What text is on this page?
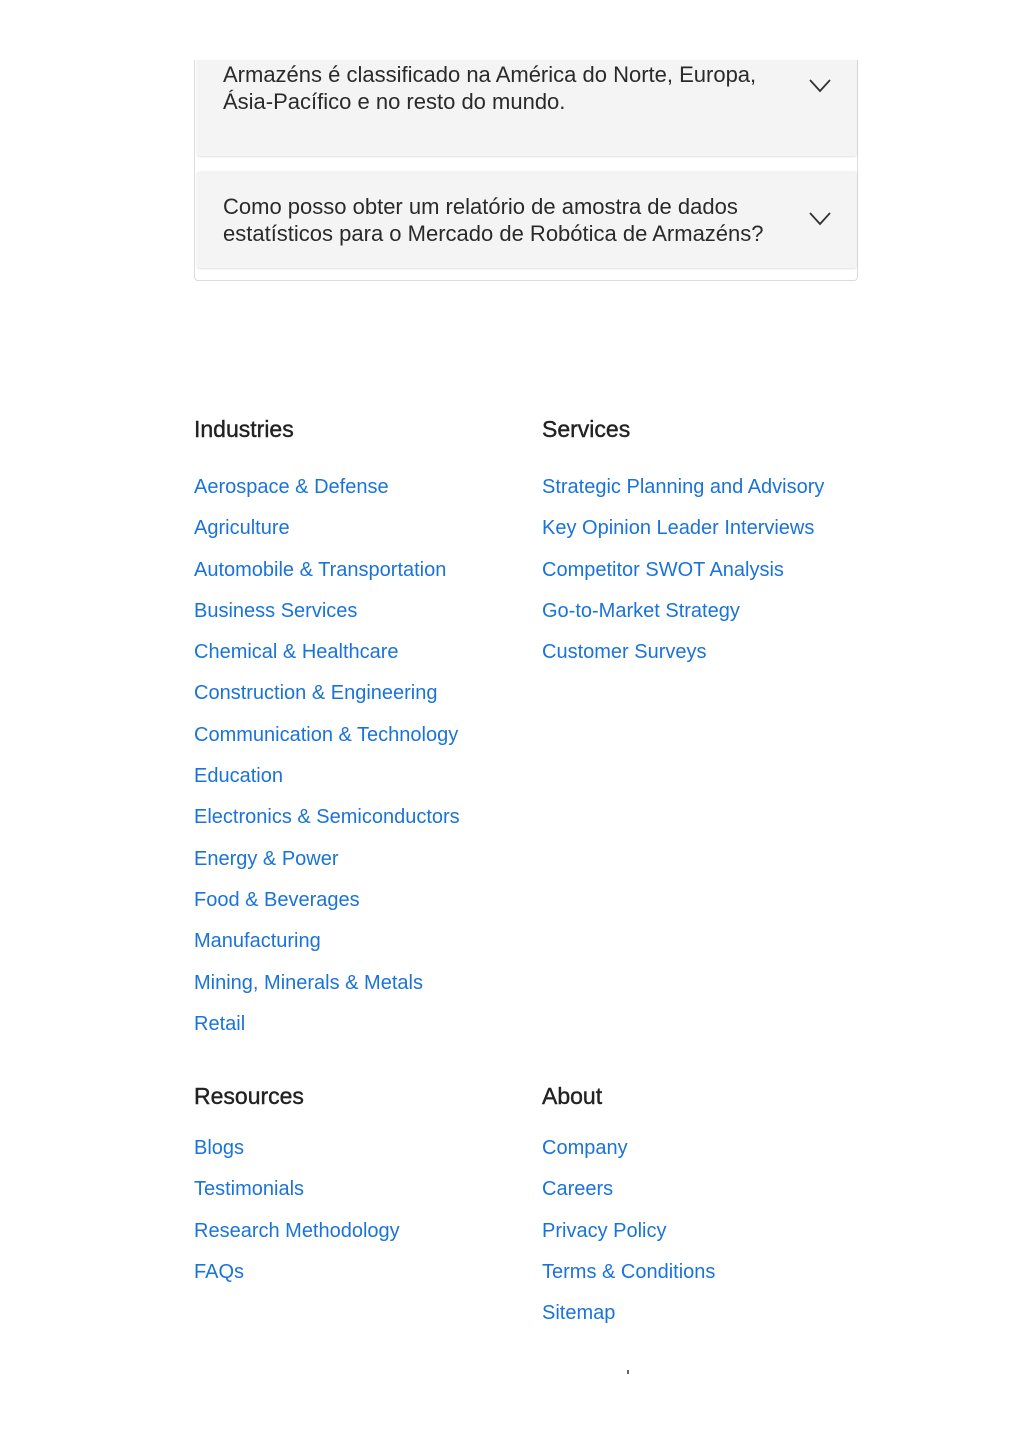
Armazéns é classificado na América do Norte, Europa, Ásia-Pacífico e no resto do mundo.
Como posso obter um relatório de amostra de dados estatísticos para o Mercado de Robótica de Armazéns?
Industries
Aerospace & Defense
Agriculture
Automobile & Transportation
Business Services
Chemical & Healthcare
Construction & Engineering
Communication & Technology
Education
Electronics & Semiconductors
Energy & Power
Food & Beverages
Manufacturing
Mining, Minerals & Metals
Retail
Services
Strategic Planning and Advisory
Key Opinion Leader Interviews
Competitor SWOT Analysis
Go-to-Market Strategy
Customer Surveys
Resources
Blogs
Testimonials
Research Methodology
FAQs
About
Company
Careers
Privacy Policy
Terms & Conditions
Sitemap
